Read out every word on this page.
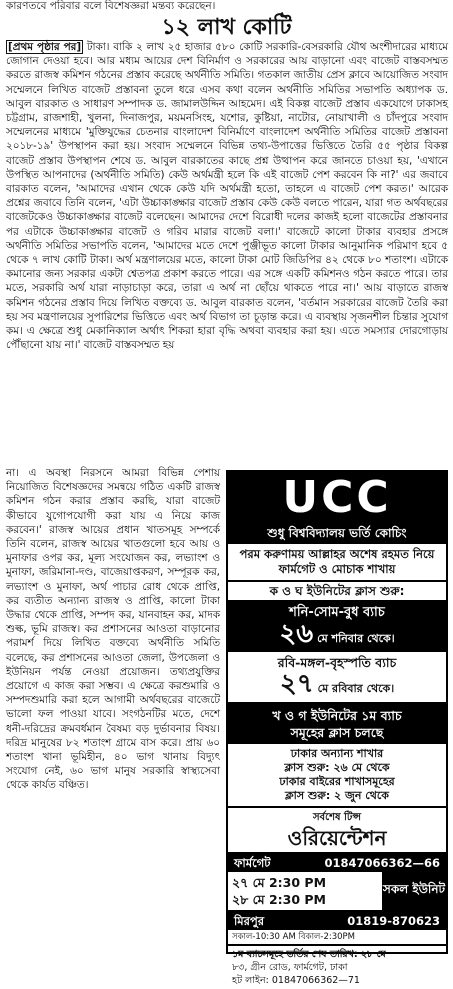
কারণতবে পরিবার বলে বিশেষজ্ঞরা মন্তব্য করেছেন।
১২ লাখ কোটি

[প্রথম পৃষ্ঠার পর] টাকা। বাকি ২ লাখ ২৫ হাজার ৫৮০ কোটি সরকারি-বেসরকারি যৌথ অংশীদারের মাধ্যমে জোগান দেওয়া হবে। আর মধ্যম আয়ের দেশ বিনির্মাণ ও সরকারের আয় বাড়ানো এবং বাজেট বাস্তবসম্মত করতে রাজস্ব কমিশন গঠনের প্রস্তাব করেছে অর্থনীতি সমিতি। গতকাল জাতীয় প্রেস ক্লাবে আয়োজিত সংবাদ সম্মেলনে লিখিত বাজেট প্রস্তাবনা তুলে ধরে এসব কথা বলেন অর্থনীতি সমিতির সভাপতি অধ্যাপক ড. আবুল বারকাত ও সাধারণ সম্পাদক ড. জামালউদ্দিন আহমেদ। এই বিকল্প বাজেট প্রস্তাব একযোগে ঢাকাসহ চট্টগ্রাম, রাজশাহী, খুলনা, দিনাজপুর, ময়মনসিংহ, যশোর, কুষ্টিয়া, নাটোর, নোয়াখালী ও চাঁদপুরে সংবাদ সম্মেলনের মাধ্যমে 'মুক্তিযুদ্ধের চেতনার বাংলাদেশ বিনির্মাণে বাংলাদেশ অর্থনীতি সমিতির বাজেট প্রস্তাবনা ২০১৮-১৯' উপস্থাপন করা হয়। সংবাদ সম্মেলনে বিভিন্ন তথ্য-উপাত্তের ভিত্তিতে তৈরি ৫৫ পৃষ্ঠার বিকল্প বাজেট প্রস্তাব উপস্থাপন শেষে ড. আবুল বারকাতের কাছে প্রশ্ন উত্থাপন করে জানতে চাওয়া হয়, 'এখানে উপস্থিত আপনাদের (অর্থনীতি সমিতি) কেউ অর্থমন্ত্রী হলে কি এই বাজেট পেশ করবেন কি না?' এর জবাবে বারকাত বলেন, 'আমাদের এখান থেকে কেউ যদি অর্থমন্ত্রী হতো, তাহলে এ বাজেট পেশ করত।' আরেক প্রশ্নের জবাবে তিনি বলেন, 'এটা উচ্চাকাঙ্ক্ষার বাজেট প্রস্তাব কেউ কেউ বলতে পারেন, যারা গত অর্থবছরের বাজেটকেও উচ্চাকাঙ্ক্ষার বাজেট বলেছেন। আমাদের দেশে বিরোধী দলের কাজই হলো বাজেটের প্রস্তাবনার পর এটাকে উচ্চাকাঙ্ক্ষার বাজেট ও গরিব মারার বাজেট বলা।' বাজেটে কালো টাকার ব্যবহার প্রসঙ্গে অর্থনীতি সমিতির সভাপতি বলেন, 'আমাদের মতে দেশে পুঞ্জীভূত কালো টাকার আনুমানিক পরিমাণ হবে ৫ থেকে ৭ লাখ কোটি টাকা। অর্থ মন্ত্রণালয়ের মতে, কালো টাকা মোট জিডিপির ৪২ থেকে ৮০ শতাংশ। এটাকে কমানোর জন্য সরকার একটা শ্বেতপত্র প্রকাশ করতে পারে। এর সঙ্গে একটি কমিশনও গঠন করতে পারে। তার মতে, সরকারি অর্থ যারা নাড়াচাড়া করে, তারা এ অর্থ না ছোঁয়ে থাকতে পারে না।' আয় বাড়াতে রাজস্ব কমিশন গঠনের প্রস্তাব দিয়ে লিখিত বক্তব্যে ড. আবুল বারকাত বলেন, 'বর্তমান সরকারের বাজেট তৈরি করা হয় সব মন্ত্রণালয়ের সুপারিশের ভিত্তিতে এবং অর্থ বিভাগ তা চূড়ান্ত করে। এ ব্যবস্থায় সৃজনশীল চিন্তার সুযোগ কম। এ ক্ষেত্রে শুধু মেকানিক্যাল অর্থাৎ শিকরা হারা বৃদ্ধি অথবা ব্যবহার করা হয়। এতে সমস্যার দোরগোড়ায় পৌঁছানো যায় না।' বাজেট বাস্তবসম্মত হয়

না। এ অবস্থা নিরসনে আমরা বিভিন্ন পেশায় নিয়োজিত বিশেষজ্ঞদের সমন্বয়ে গঠিত একটি রাজস্ব কমিশন গঠন করার প্রস্তাব করছি, যারা বাজেট কীভাবে যুগোপযোগী করা যায় এ নিয়ে কাজ করবেন।' রাজস্ব আয়ের প্রধান খাতসমূহ সম্পর্কে তিনি বলেন, রাজস্ব আয়ের খাতগুলো হবে আয় ও মুনাফার ওপর কর, মূল্য সংযোজন কর, লভ্যাংশ ও মুনাফা, জরিমানা-দণ্ড, বাজেয়াপ্তকরণ, সম্পূরক কর, লভ্যাংশ ও মুনাফা, অর্থ পাচার রোধ থেকে প্রাপ্তি, কর ব্যতীত অন্যান্য রাজস্ব ও প্রাপ্তি, কালো টাকা উদ্ধার থেকে প্রাপ্তি, সম্পদ কর, যানবাহন কর, মাদক শুল্ক, ভূমি রাজস্ব। কর প্রশাসনের আওতা বাড়ানোর পরামর্শ দিয়ে লিখিত বক্তব্যে অর্থনীতি সমিতি বলেছে, কর প্রশাসনের আওতা জেলা, উপজেলা ও ইউনিয়ন পর্যন্ত নেওয়া প্রয়োজন। তথ্যপ্রযুক্তির প্রয়োগে এ কাজ করা সম্ভব। এ ক্ষেত্রে করশুমারি ও সম্পদশুমারি করা হলে আগামী অর্থবছরের বাজেটে ভালো ফল পাওয়া যাবে। সংগঠনটির মতে, দেশে ধনী-দরিদ্রের ক্রমবর্ধমান বৈষম্য বড় দুর্ভাবনার বিষয়। দরিদ্র মানুষের ৮২ শতাংশ গ্রামে বাস করে। প্রায় ৬০ শতাংশ খানা ভূমিহীন, ৪০ ভাগ খানায় বিদ্যুৎ সংযোগ নেই, ৬০ ভাগ মানুষ সরকারি স্বাস্থ্যসেবা থেকে কার্যত বঞ্চিত।

UCC
শুধু বিশ্ববিদ্যালয় ভর্তি কোচিং
পরম করুণাময় আল্লাহর অশেষ রহমত নিয়ে ফার্মগেট ও মোচাক শাখায়
ক ও ঘ ইউনিটের ক্লাস শুরু:
শনি-সোম-বুধ ব্যাচ
২৬ মে শনিবার থেকে।
রবি-মঙ্গল-বৃহস্পতি ব্যাচ
২৭ মে রবিবার থেকে।
খ ও গ ইউনিটের ১ম ব্যাচ
সমূহের ক্লাস চলছে
ঢাকার অন্যান্য শাখার
ক্লাস শুরু: ২৬ মে থেকে
ঢাকার বাইরের শাখাসমূহের
ক্লাস শুরু: ২ জুন থেকে
সর্বশেষ টিপ্স
ওরিয়েন্টেশন
ফার্মগেট	01847066362—66
২৭ মে 2:30 PM
২৮ মে 2:30 PM
সকল ইউনিট
মিরপুর	01819-870623
সকাল-10:30 AM বিকাল-2:30PM
১ম ব্যাচসমূহে ভর্তির শেষ তারিখ: ২৮ মে
৮৩, গ্রীন রোড, ফার্মগেট, ঢাকা
হট লাইন: 01847066362—71
